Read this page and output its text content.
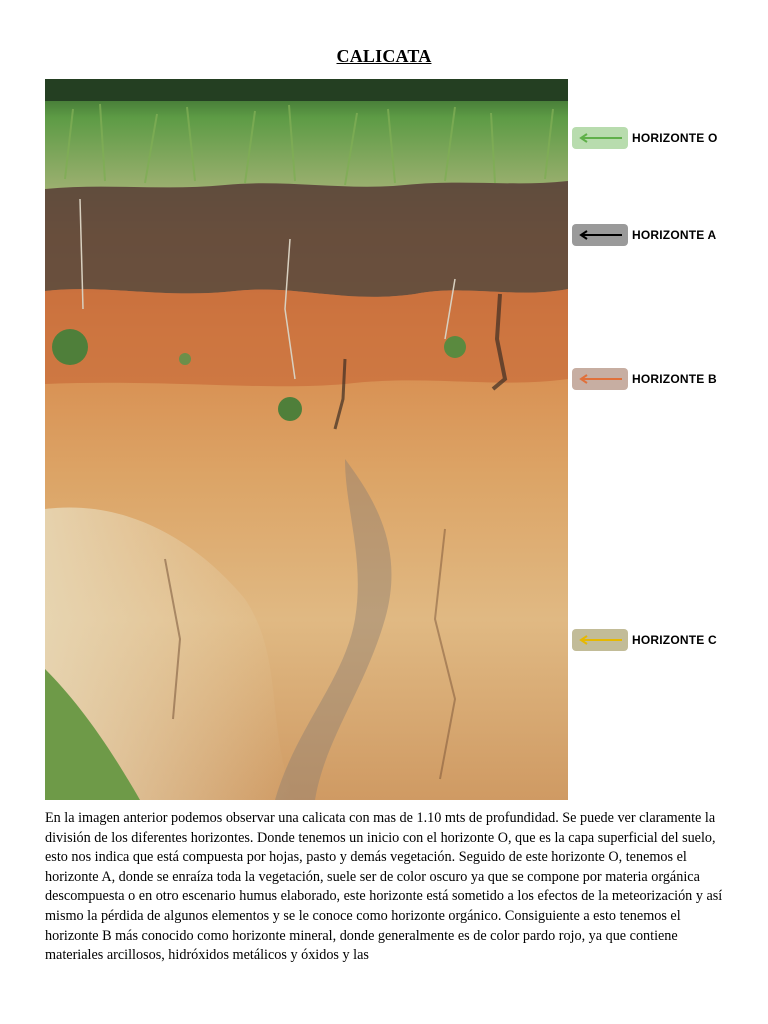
CALICATA
HORIZONTE O
HORIZONTE A
HORIZONTE B
HORIZONTE C
En la imagen anterior podemos observar una calicata con mas de 1.10 mts de profundidad. Se puede ver claramente la división de los diferentes horizontes. Donde tenemos un inicio con el horizonte O, que es la capa superficial del suelo, esto nos indica que está compuesta por hojas, pasto y demás vegetación. Seguido de este horizonte O, tenemos el horizonte A, donde se enraíza toda la vegetación, suele ser de color oscuro ya que se compone por materia orgánica descompuesta o en otro escenario humus elaborado, este horizonte está sometido a los efectos de la meteorización y así mismo la pérdida de algunos elementos y se le conoce como horizonte orgánico. Consiguiente a esto tenemos el horizonte B más conocido como horizonte mineral, donde generalmente es de color pardo rojo, ya que contiene materiales arcillosos, hidróxidos metálicos y óxidos y las
